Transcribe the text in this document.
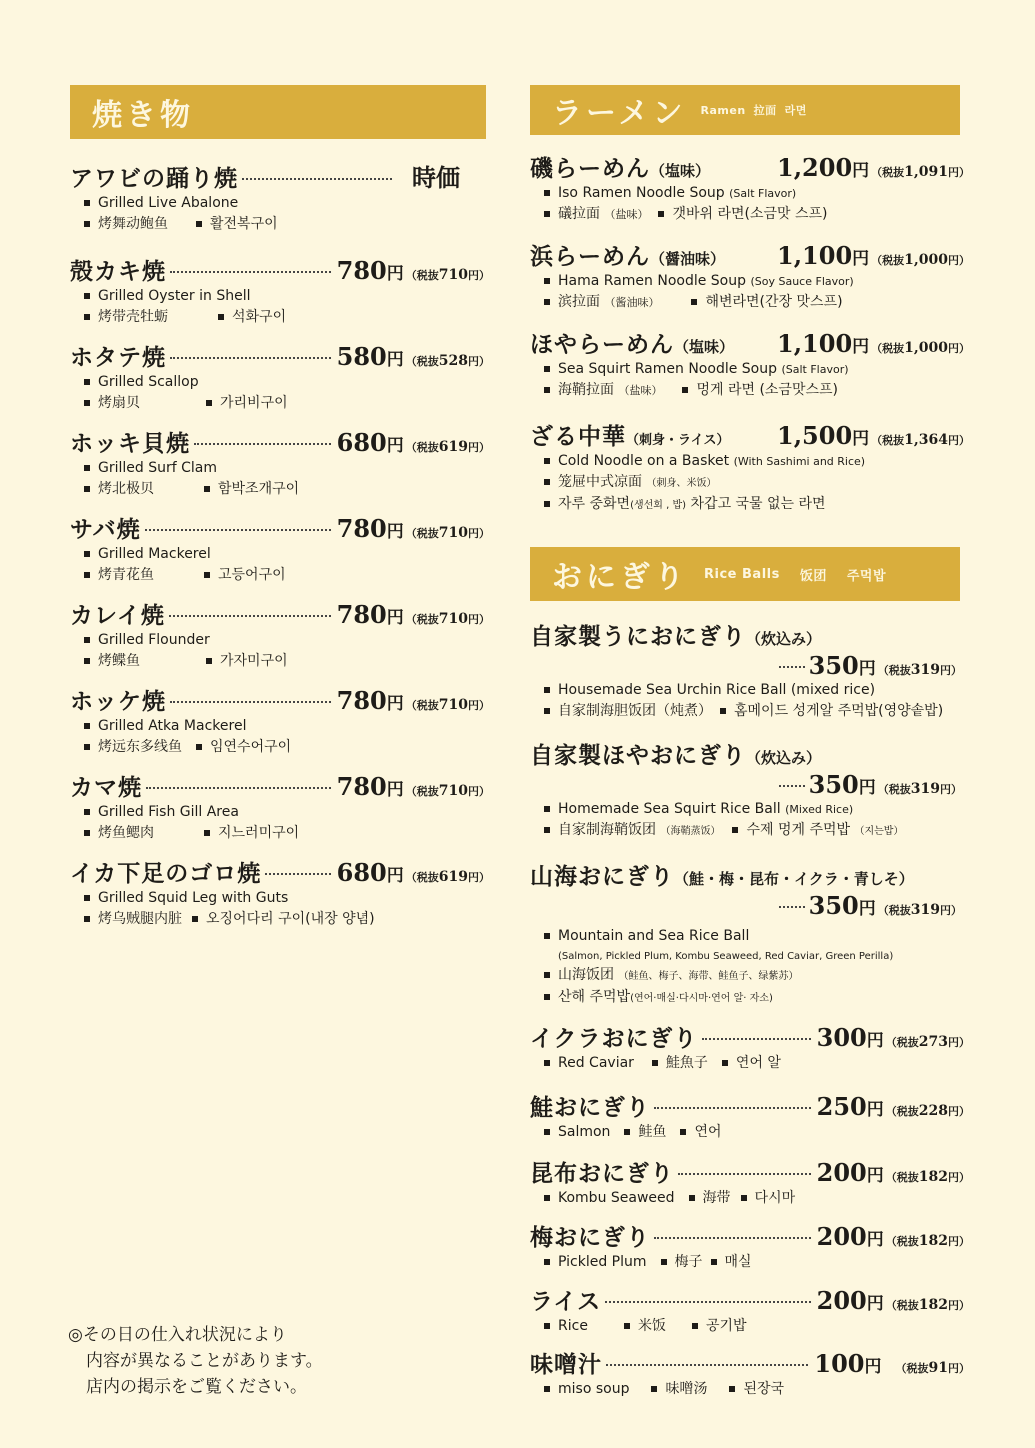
焼き物
アワビの踊り焼	時価
Grilled Live Abalone
烤舞动鲍鱼	활전복구이
殻カキ焼	780 円 （税抜710円）
Grilled Oyster in Shell
烤带壳牡蛎	석화구이
ホタテ焼	580 円 （税抜528円）
Grilled Scallop
烤扇贝	가리비구이
ホッキ貝焼	680 円 （税抜619円）
Grilled Surf Clam
烤北极贝	함박조개구이
サバ焼	780 円 （税抜710円）
Grilled Mackerel
烤青花鱼	고등어구이
カレイ焼	780 円 （税抜710円）
Grilled Flounder
烤鲽鱼	가자미구이
ホッケ焼	780 円 （税抜710円）
Grilled Atka Mackerel
烤远东多线鱼 임연수어구이
カマ焼	780 円 （税抜710円）
Grilled Fish Gill Area
烤鱼鳃肉	지느러미구이
イカ下足のゴロ焼	680 円 （税抜619円）
Grilled Squid Leg with Guts
烤乌贼腿内脏 오징어다리 구이(내장 양념)
◎その日の仕入れ状況により
内容が異なることがあります。
店内の掲示をご覧ください。
ラーメン Ramen 拉面 라면
磯らーめん （塩味）	1,200 円 （税抜1,091円）
Iso Ramen Noodle Soup (Salt Flavor)
礒拉面 （盐味） 갯바위 라면(소금맛 스프)
浜らーめん （醤油味） 1,100 円 （税抜1,000円）
Hama Ramen Noodle Soup (Soy Sauce Flavor)
滨拉面 （酱油味）	해변라면(간장 맛스프)
ほやらーめん （塩味） 1,100 円 （税抜1,000円）
Sea Squirt Ramen Noodle Soup (Salt Flavor)
海鞘拉面 （盐味） 멍게 라면 (소금맛스프)
ざる中華 （刺身・ライス） 1,500 円 （税抜1,364円）
Cold Noodle on a Basket (With Sashimi and Rice)
笼屉中式凉面 （刺身、米饭）
자루 중화면(생선회 , 밥) 차갑고 국물 없는 라면
おにぎり Rice Balls 饭团 주먹밥
自家製うにおにぎり （炊込み）
350 円 （税抜319円）
Housemade Sea Urchin Rice Ball (mixed rice)
自家制海胆饭团（炖煮） 홈메이드 성게알 주먹밥(영양솥밥)
自家製ほやおにぎり （炊込み）
350 円 （税抜319円）
Homemade Sea Squirt Rice Ball (Mixed Rice)
自家制海鞘饭团 （海鞘蒸饭） 수제 멍게 주먹밥 （지는밥）
山海おにぎり （鮭・梅・昆布・イクラ・青しそ）
350 円 （税抜319円）
Mountain and Sea Rice Ball
(Salmon, Pickled Plum, Kombu Seaweed, Red Caviar, Green Perilla)
山海饭团 （鲑鱼、梅子、海带、鲑鱼子、绿紫苏）
산해 주먹밥(연어·매실·다시마·연어 알· 자소)
イクラおにぎり	300 円 （税抜273円）
Red Caviar 鮭魚子 연어 알
鮭おにぎり	250 円 （税抜228円）
Salmon 鲑鱼 연어
昆布おにぎり	200 円 （税抜182円）
Kombu Seaweed 海带 다시마
梅おにぎり	200 円 （税抜182円）
Pickled Plum 梅子 매실
ライス	200 円 （税抜182円）
Rice	米饭	공기밥
味噌汁	100 円 （税抜91円）
miso soup	味噌汤	된장국
